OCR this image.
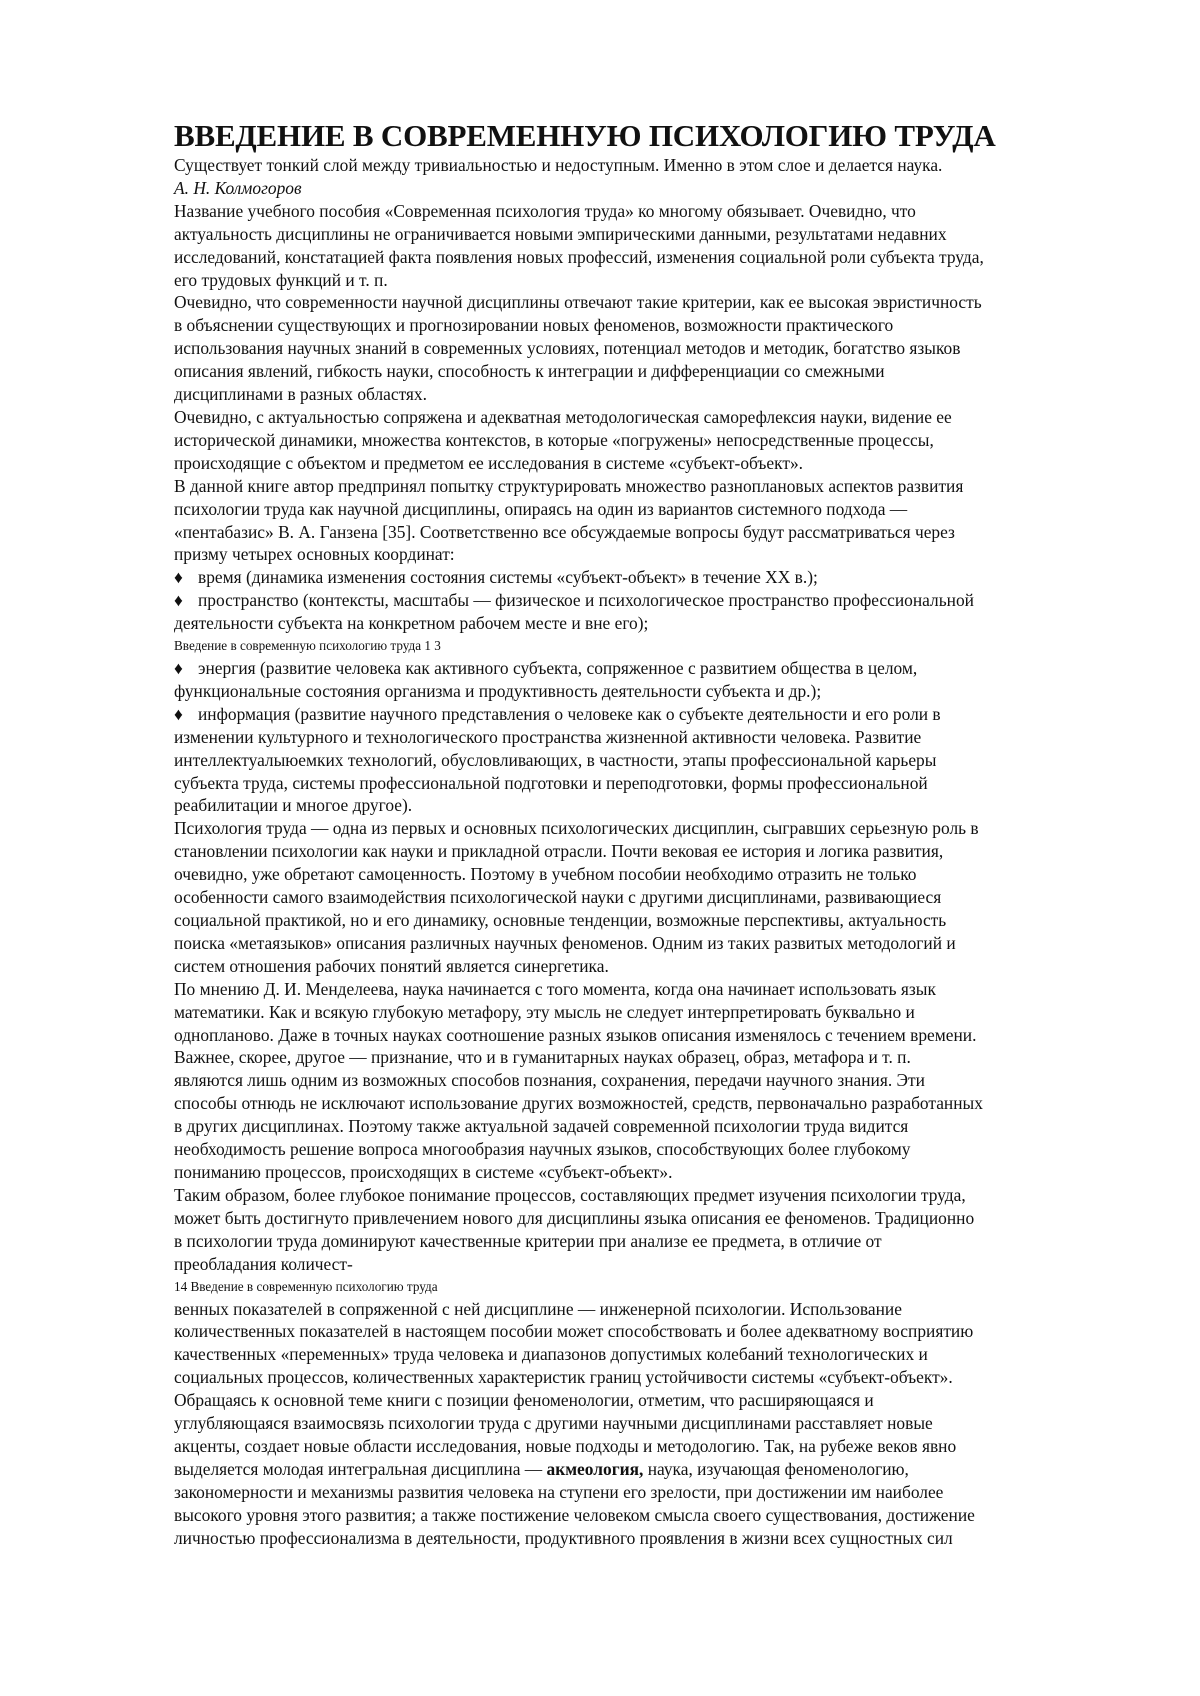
ВВЕДЕНИЕ В СОВРЕМЕННУЮ ПСИХОЛОГИЮ ТРУДА
Существует тонкий слой между тривиальностью и недоступным. Именно в этом слое и делается наука.
А. Н. Колмогоров
Название учебного пособия «Современная психология труда» ко многому обязывает. Очевидно, что
актуальность дисциплины не ограничивается новыми эмпирическими данными, результатами недавних
исследований, констатацией факта появления новых профессий, изменения социальной роли субъекта труда,
его трудовых функций и т. п.
Очевидно, что современности научной дисциплины отвечают такие критерии, как ее высокая эвристичность
в объяснении существующих и прогнозировании новых феноменов, возможности практического
использования научных знаний в современных условиях, потенциал методов и методик, богатство языков
описания явлений, гибкость науки, способность к интеграции и дифференциации со смежными
дисциплинами в разных областях.
Очевидно, с актуальностью сопряжена и адекватная методологическая саморефлексия науки, видение ее
исторической динамики, множества контекстов, в которые «погружены» непосредственные процессы,
происходящие с объектом и предметом ее исследования в системе «субъект-объект».
В данной книге автор предпринял попытку структурировать множество разноплановых аспектов развития
психологии труда как научной дисциплины, опираясь на один из вариантов системного подхода —
«пентабазис» В. А. Ганзена [35]. Соответственно все обсуждаемые вопросы будут рассматриваться через
призму четырех основных координат:
♦ время (динамика изменения состояния системы «субъект-объект» в течение XX в.);
♦ пространство (контексты, масштабы — физическое и психологическое пространство профессиональной
деятельности субъекта на конкретном рабочем месте и вне его);
Введение в современную психологию труда 1 3
♦ энергия (развитие человека как активного субъекта, сопряженное с развитием общества в целом,
функциональные состояния организма и продуктивность деятельности субъекта и др.);
♦ информация (развитие научного представления о человеке как о субъекте деятельности и его роли в
изменении культурного и технологического пространства жизненной активности человека. Развитие
интеллектуалыюемких технологий, обусловливающих, в частности, этапы профессиональной карьеры
субъекта труда, системы профессиональной подготовки и переподготовки, формы профессиональной
реабилитации и многое другое).
Психология труда — одна из первых и основных психологических дисциплин, сыгравших серьезную роль в
становлении психологии как науки и прикладной отрасли. Почти вековая ее история и логика развития,
очевидно, уже обретают самоценность. Поэтому в учебном пособии необходимо отразить не только
особенности самого взаимодействия психологической науки с другими дисциплинами, развивающиеся
социальной практикой, но и его динамику, основные тенденции, возможные перспективы, актуальность
поиска «метаязыков» описания различных научных феноменов. Одним из таких развитых методологий и
систем отношения рабочих понятий является синергетика.
По мнению Д. И. Менделеева, наука начинается с того момента, когда она начинает использовать язык
математики. Как и всякую глубокую метафору, эту мысль не следует интерпретировать буквально и
однопланово. Даже в точных науках соотношение разных языков описания изменялось с течением времени.
Важнее, скорее, другое — признание, что и в гуманитарных науках образец, образ, метафора и т. п.
являются лишь одним из возможных способов познания, сохранения, передачи научного знания. Эти
способы отнюдь не исключают использование других возможностей, средств, первоначально разработанных
в других дисциплинах. Поэтому также актуальной задачей современной психологии труда видится
необходимость решение вопроса многообразия научных языков, способствующих более глубокому
пониманию процессов, происходящих в системе «субъект-объект».
Таким образом, более глубокое понимание процессов, составляющих предмет изучения психологии труда,
может быть достигнуто привлечением нового для дисциплины языка описания ее феноменов. Традиционно
в психологии труда доминируют качественные критерии при анализе ее предмета, в отличие от
преобладания количест-
14 Введение в современную психологию труда
венных показателей в сопряженной с ней дисциплине — инженерной психологии. Использование
количественных показателей в настоящем пособии может способствовать и более адекватному восприятию
качественных «переменных» труда человека и диапазонов допустимых колебаний технологических и
социальных процессов, количественных характеристик границ устойчивости системы «субъект-объект».
Обращаясь к основной теме книги с позиции феноменологии, отметим, что расширяющаяся и
углубляющаяся взаимосвязь психологии труда с другими научными дисциплинами расставляет новые
акценты, создает новые области исследования, новые подходы и методологию. Так, на рубеже веков явно
выделяется молодая интегральная дисциплина — акмеология, наука, изучающая феноменологию,
закономерности и механизмы развития человека на ступени его зрелости, при достижении им наиболее
высокого уровня этого развития; а также постижение человеком смысла своего существования, достижение
личностью профессионализма в деятельности, продуктивного проявления в жизни всех сущностных сил
